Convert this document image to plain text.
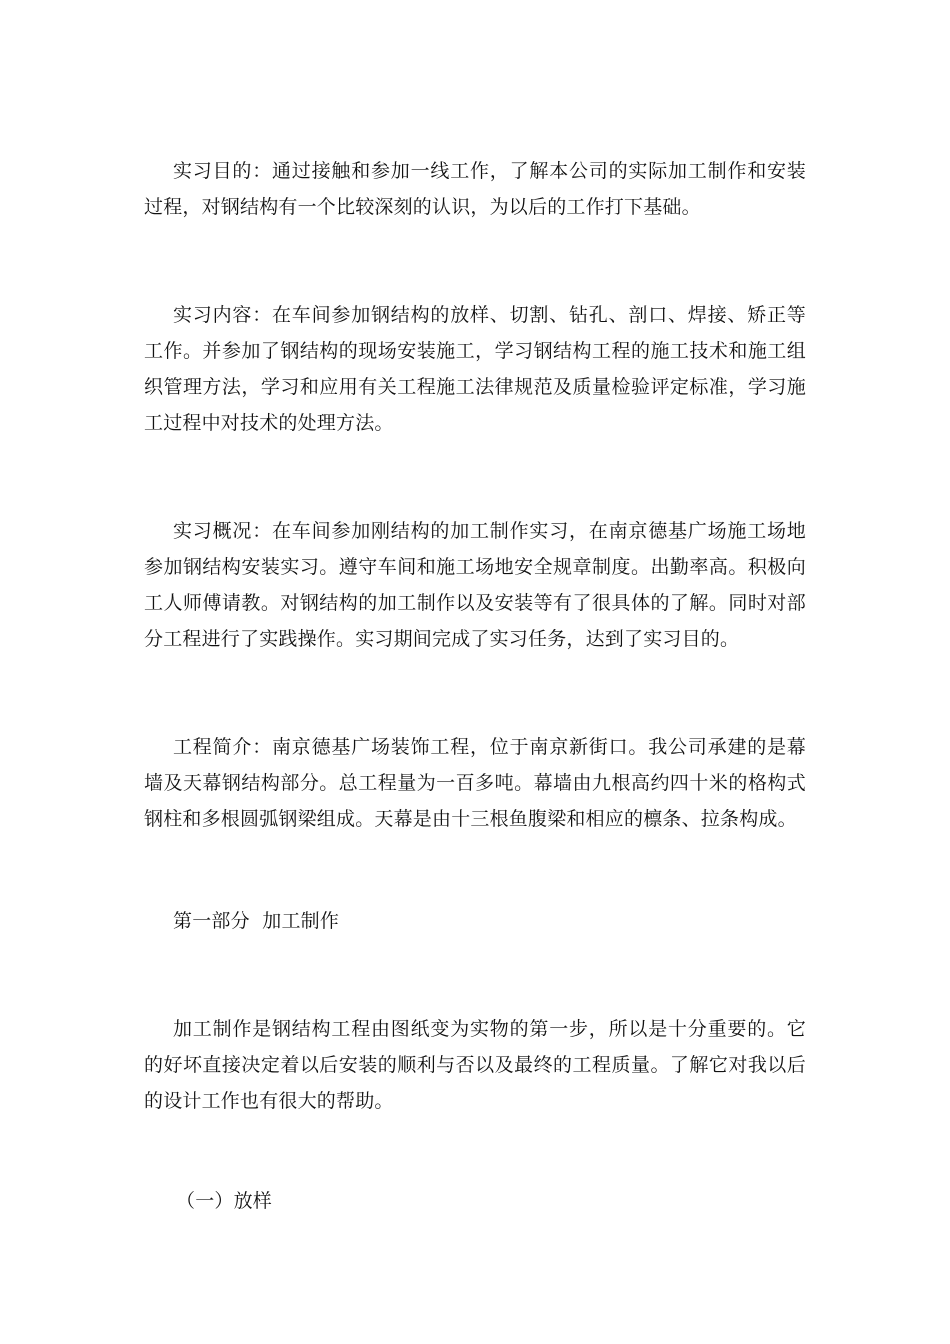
实习目的：通过接触和参加一线工作，了解本公司的实际加工制作和安装过程，对钢结构有一个比较深刻的认识，为以后的工作打下基础。

实习内容：在车间参加钢结构的放样、切割、钻孔、剖口、焊接、矫正等工作。并参加了钢结构的现场安装施工，学习钢结构工程的施工技术和施工组织管理方法，学习和应用有关工程施工法律规范及质量检验评定标准，学习施工过程中对技术的处理方法。

实习概况：在车间参加刚结构的加工制作实习，在南京德基广场施工场地参加钢结构安装实习。遵守车间和施工场地安全规章制度。出勤率高。积极向工人师傅请教。对钢结构的加工制作以及安装等有了很具体的了解。同时对部分工程进行了实践操作。实习期间完成了实习任务，达到了实习目的。

工程简介：南京德基广场装饰工程，位于南京新街口。我公司承建的是幕墙及天幕钢结构部分。总工程量为一百多吨。幕墙由九根高约四十米的格构式钢柱和多根圆弧钢梁组成。天幕是由十三根鱼腹梁和相应的檩条、拉条构成。

第一部分  加工制作

加工制作是钢结构工程由图纸变为实物的第一步，所以是十分重要的。它的好坏直接决定着以后安装的顺利与否以及最终的工程质量。了解它对我以后的设计工作也有很大的帮助。

（一）放样
